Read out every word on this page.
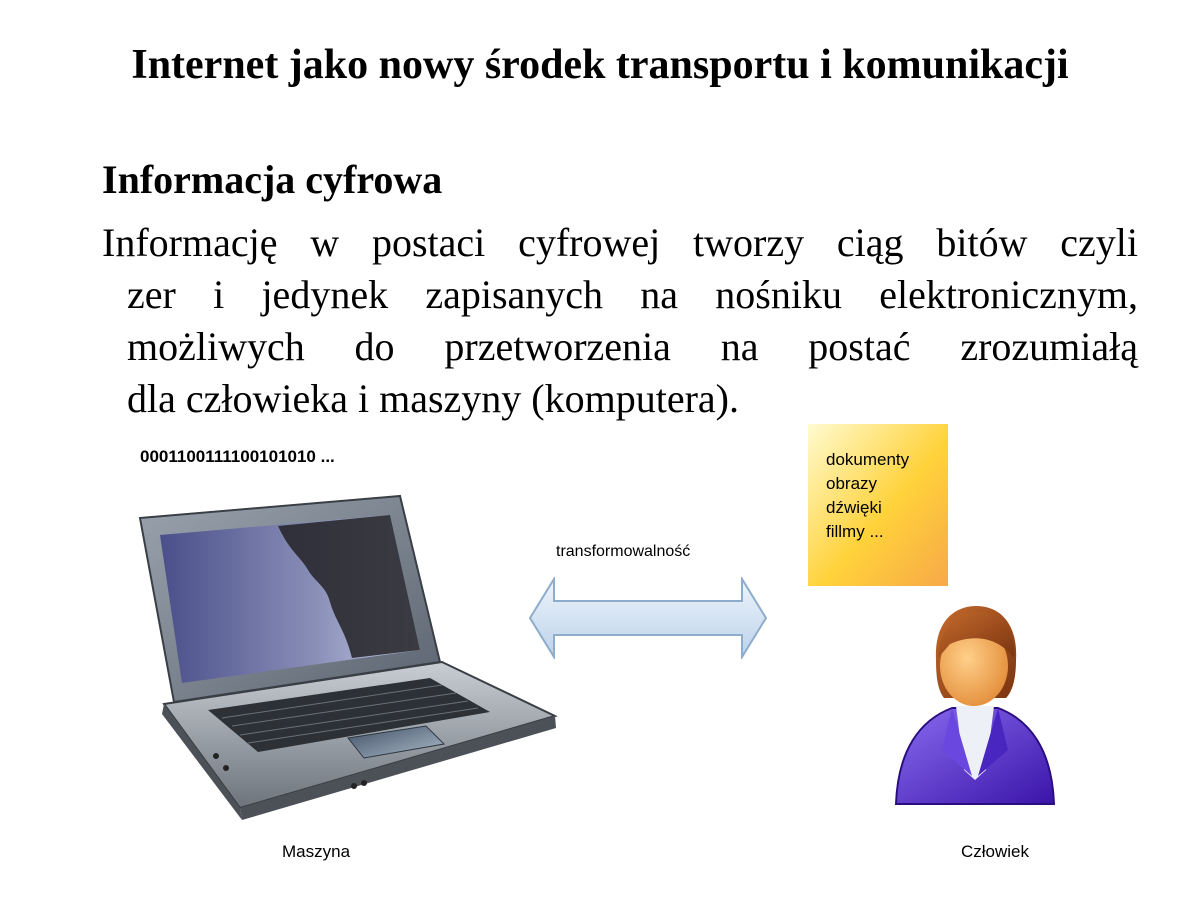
Internet jako nowy środek transportu i komunikacji
Informacja cyfrowa
Informację w postaci cyfrowej tworzy ciąg bitów czyli
zer i jedynek zapisanych na nośniku elektronicznym,
możliwych do przetworzenia na postać zrozumiałą
dla człowieka i maszyny (komputera).
0001100111100101010 ...
transformowalność
dokumenty
obrazy
dźwięki
fillmy ...
Maszyna	Człowiek
